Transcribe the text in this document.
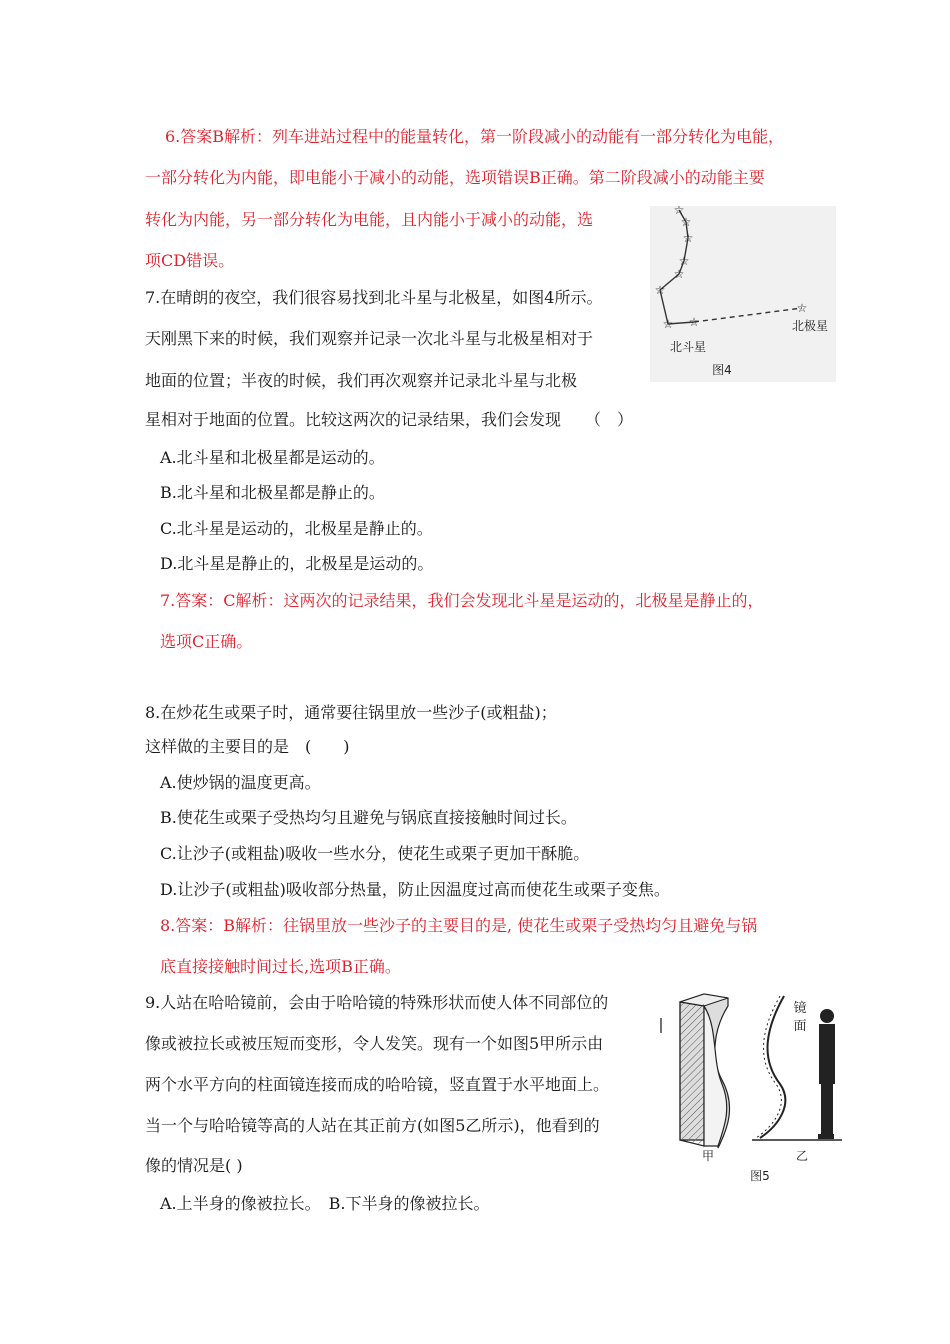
6.答案B解析：列车进站过程中的能量转化，第一阶段减小的动能有一部分转化为电能，
一部分转化为内能，即电能小于减小的动能，选项错误B正确。第二阶段减小的动能主要
转化为内能，另一部分转化为电能，且内能小于减小的动能，选
项CD错误。
7.在晴朗的夜空，我们很容易找到北斗星与北极星，如图4所示。
天刚黑下来的时候，我们观察并记录一次北斗星与北极星相对于
地面的位置；半夜的时候，我们再次观察并记录北斗星与北极
星相对于地面的位置。比较这两次的记录结果，我们会发现　　（　）
☆
☆
☆
☆
☆
☆
☆ ☆
☆
北斗星
北极星
图4
A.北斗星和北极星都是运动的。
B.北斗星和北极星都是静止的。
C.北斗星是运动的，北极星是静止的。
D.北斗星是静止的，北极星是运动的。
7.答案：C解析：这两次的记录结果，我们会发现北斗星是运动的，北极星是静止的，
选项C正确。
8.在炒花生或栗子时，通常要往锅里放一些沙子(或粗盐)；
这样做的主要目的是　(　　)
A.使炒锅的温度更高。
B.使花生或栗子受热均匀且避免与锅底直接接触时间过长。
C.让沙子(或粗盐)吸收一些水分，使花生或栗子更加干酥脆。
D.让沙子(或粗盐)吸收部分热量，防止因温度过高而使花生或栗子变焦。
8.答案：B解析：往锅里放一些沙子的主要目的是, 使花生或栗子受热均匀且避免与锅
底直接接触时间过长,选项B正确。
9.人站在哈哈镜前，会由于哈哈镜的特殊形状而使人体不同部位的
像或被拉长或被压短而变形，令人发笑。现有一个如图5甲所示由
两个水平方向的柱面镜连接而成的哈哈镜，竖直置于水平地面上。
当一个与哈哈镜等高的人站在其正前方(如图5乙所示)，他看到的
像的情况是( )
A.上半身的像被拉长。　B.下半身的像被拉长。
甲
镜
面
乙
图5
